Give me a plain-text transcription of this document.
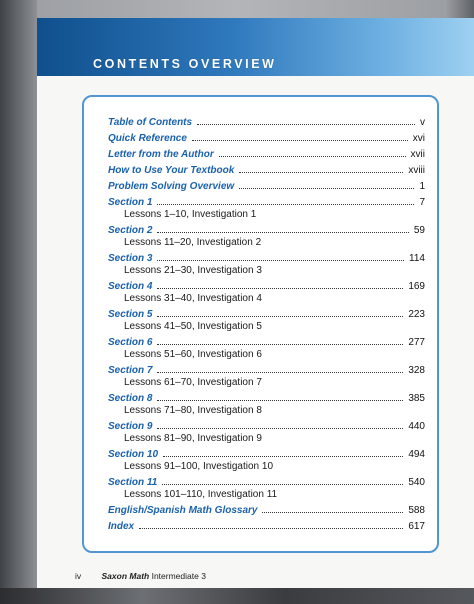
CONTENTS OVERVIEW
Table of Contents	v
Quick Reference	xvi
Letter from the Author	xvii
How to Use Your Textbook	xviii
Problem Solving Overview	1
Section 1	7
Lessons 1–10, Investigation 1
Section 2	59
Lessons 11–20, Investigation 2
Section 3	114
Lessons 21–30, Investigation 3
Section 4	169
Lessons 31–40, Investigation 4
Section 5	223
Lessons 41–50, Investigation 5
Section 6	277
Lessons 51–60, Investigation 6
Section 7	328
Lessons 61–70, Investigation 7
Section 8	385
Lessons 71–80, Investigation 8
Section 9	440
Lessons 81–90, Investigation 9
Section 10	494
Lessons 91–100, Investigation 10
Section 11	540
Lessons 101–110, Investigation 11
English/Spanish Math Glossary	588
Index	617
iv Saxon Math Intermediate 3
